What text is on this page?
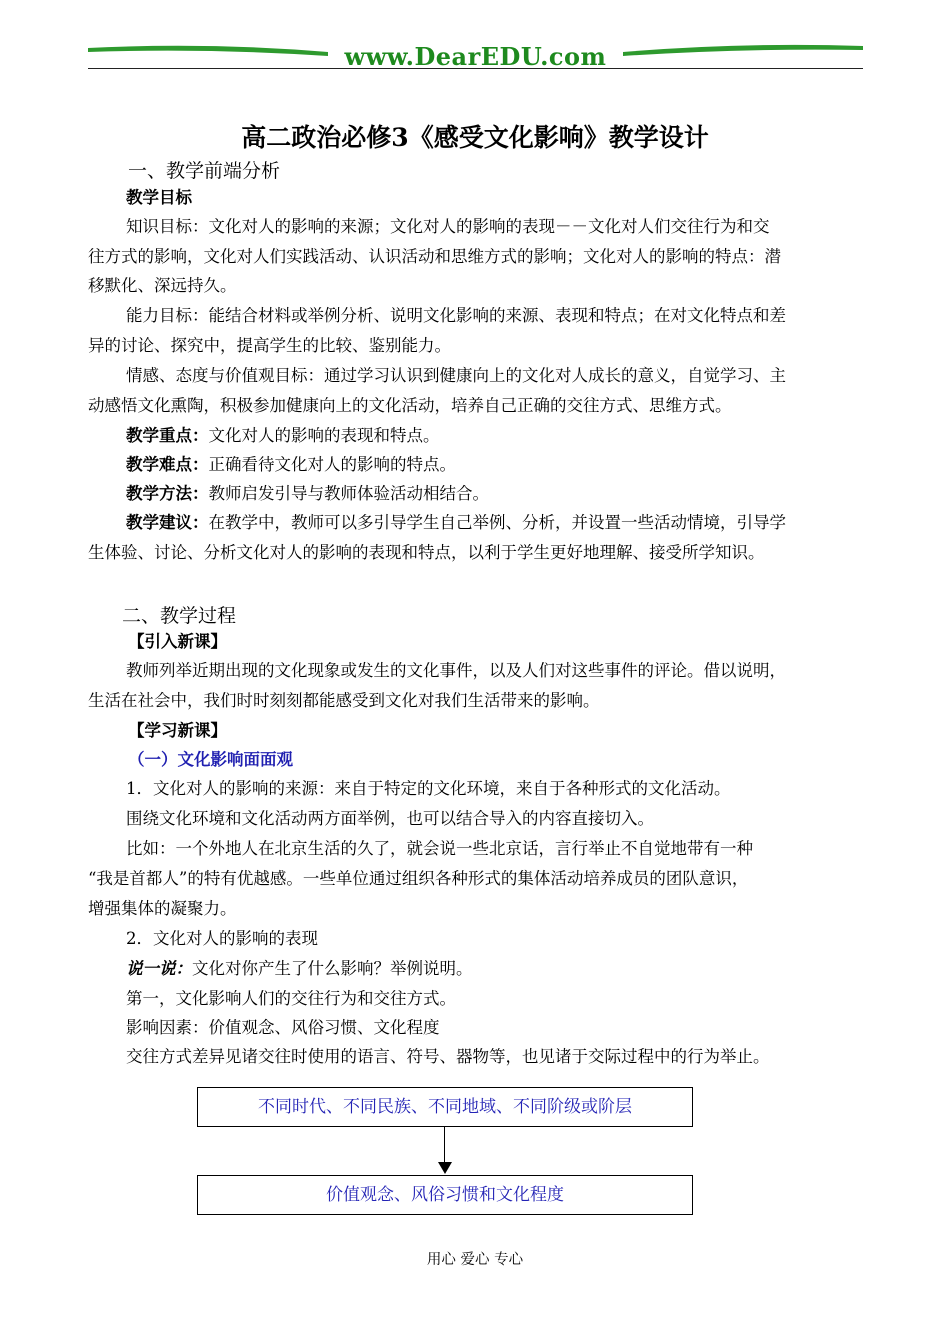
www.DearEDU.com
高二政治必修3《感受文化影响》教学设计
一、教学前端分析
教学目标
知识目标：文化对人的影响的来源；文化对人的影响的表现－－文化对人们交往行为和交
往方式的影响，文化对人们实践活动、认识活动和思维方式的影响；文化对人的影响的特点：潜
移默化、深远持久。
能力目标：能结合材料或举例分析、说明文化影响的来源、表现和特点；在对文化特点和差
异的讨论、探究中，提高学生的比较、鉴别能力。
情感、态度与价值观目标：通过学习认识到健康向上的文化对人成长的意义，自觉学习、主
动感悟文化熏陶，积极参加健康向上的文化活动，培养自己正确的交往方式、思维方式。
教学重点：文化对人的影响的表现和特点。
教学难点：正确看待文化对人的影响的特点。
教学方法：教师启发引导与教师体验活动相结合。
教学建议：在教学中，教师可以多引导学生自己举例、分析，并设置一些活动情境，引导学
生体验、讨论、分析文化对人的影响的表现和特点，以利于学生更好地理解、接受所学知识。
二、教学过程
【引入新课】
教师列举近期出现的文化现象或发生的文化事件，以及人们对这些事件的评论。借以说明，
生活在社会中，我们时时刻刻都能感受到文化对我们生活带来的影响。
【学习新课】
（一）文化影响面面观
1．文化对人的影响的来源：来自于特定的文化环境，来自于各种形式的文化活动。
围绕文化环境和文化活动两方面举例，也可以结合导入的内容直接切入。
比如：一个外地人在北京生活的久了，就会说一些北京话，言行举止不自觉地带有一种
“我是首都人”的特有优越感。一些单位通过组织各种形式的集体活动培养成员的团队意识，
增强集体的凝聚力。
2．文化对人的影响的表现
说一说：文化对你产生了什么影响？举例说明。
第一，文化影响人们的交往行为和交往方式。
影响因素：价值观念、风俗习惯、文化程度
交往方式差异见诸交往时使用的语言、符号、器物等，也见诸于交际过程中的行为举止。
不同时代、不同民族、不同地域、不同阶级或阶层
价值观念、风俗习惯和文化程度
用心 爱心 专心
